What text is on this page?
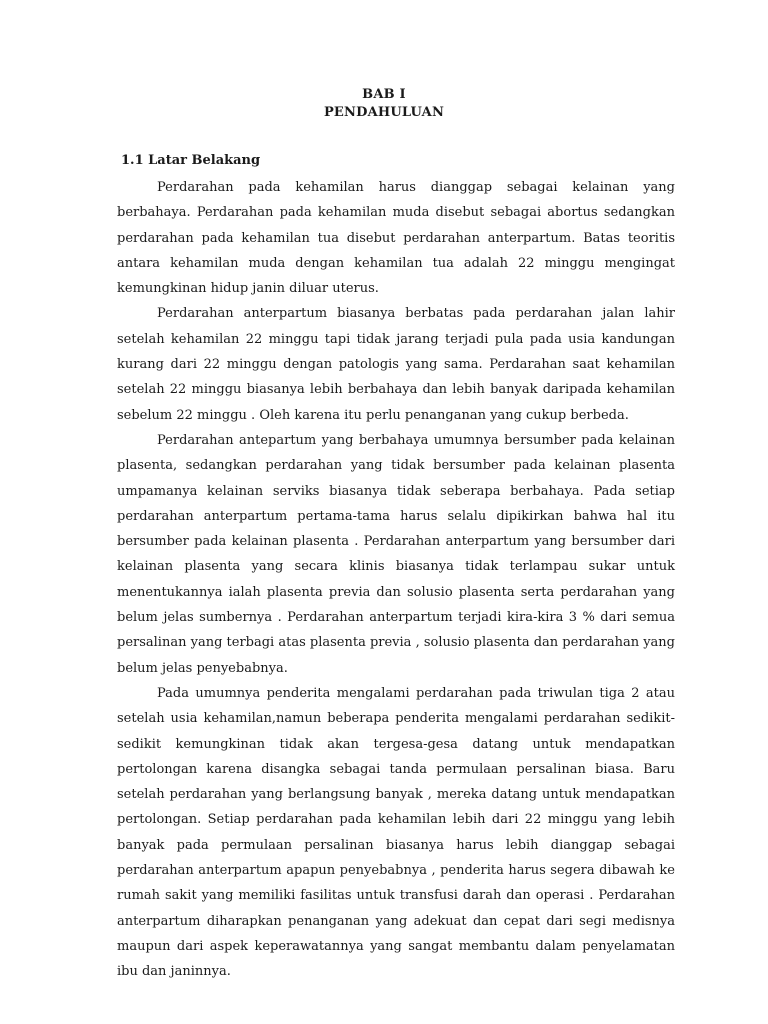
BAB I
PENDAHULUAN
1.1 Latar Belakang

Perdarahan pada kehamilan harus dianggap sebagai kelainan yang berbahaya. Perdarahan pada kehamilan muda disebut sebagai abortus sedangkan perdarahan pada kehamilan tua disebut perdarahan anterpartum. Batas teoritis antara kehamilan muda dengan kehamilan tua adalah 22 minggu mengingat kemungkinan hidup janin diluar uterus.

Perdarahan anterpartum biasanya berbatas pada perdarahan jalan lahir setelah kehamilan 22 minggu tapi tidak jarang terjadi pula pada usia kandungan kurang dari 22 minggu dengan patologis yang sama. Perdarahan saat kehamilan setelah 22 minggu biasanya lebih berbahaya dan lebih banyak daripada kehamilan sebelum 22 minggu . Oleh karena itu perlu penanganan yang cukup berbeda.

Perdarahan antepartum yang berbahaya umumnya bersumber pada kelainan plasenta, sedangkan perdarahan yang tidak bersumber pada kelainan plasenta umpamanya kelainan serviks biasanya tidak seberapa berbahaya. Pada setiap perdarahan anterpartum pertama-tama harus selalu dipikirkan bahwa hal itu bersumber pada kelainan plasenta . Perdarahan anterpartum yang bersumber dari kelainan plasenta yang secara klinis biasanya tidak terlampau sukar untuk menentukannya ialah plasenta previa dan solusio plasenta serta perdarahan yang belum jelas sumbernya . Perdarahan anterpartum terjadi kira-kira 3 % dari semua persalinan yang terbagi atas plasenta previa , solusio plasenta dan perdarahan yang belum jelas penyebabnya.

Pada umumnya penderita mengalami perdarahan pada triwulan tiga 2 atau setelah usia kehamilan,namun beberapa penderita mengalami perdarahan sedikit-sedikit kemungkinan tidak akan tergesa-gesa datang untuk mendapatkan pertolongan karena disangka sebagai tanda permulaan persalinan biasa. Baru setelah perdarahan yang berlangsung banyak , mereka datang untuk mendapatkan pertolongan. Setiap perdarahan pada kehamilan lebih dari 22 minggu yang lebih banyak pada permulaan persalinan biasanya harus lebih dianggap sebagai perdarahan anterpartum apapun penyebabnya , penderita harus segera dibawah ke rumah sakit yang memiliki fasilitas untuk transfusi darah dan operasi . Perdarahan anterpartum diharapkan penanganan yang adekuat dan cepat dari segi medisnya maupun dari aspek keperawatannya yang sangat membantu dalam penyelamatan ibu dan janinnya.
